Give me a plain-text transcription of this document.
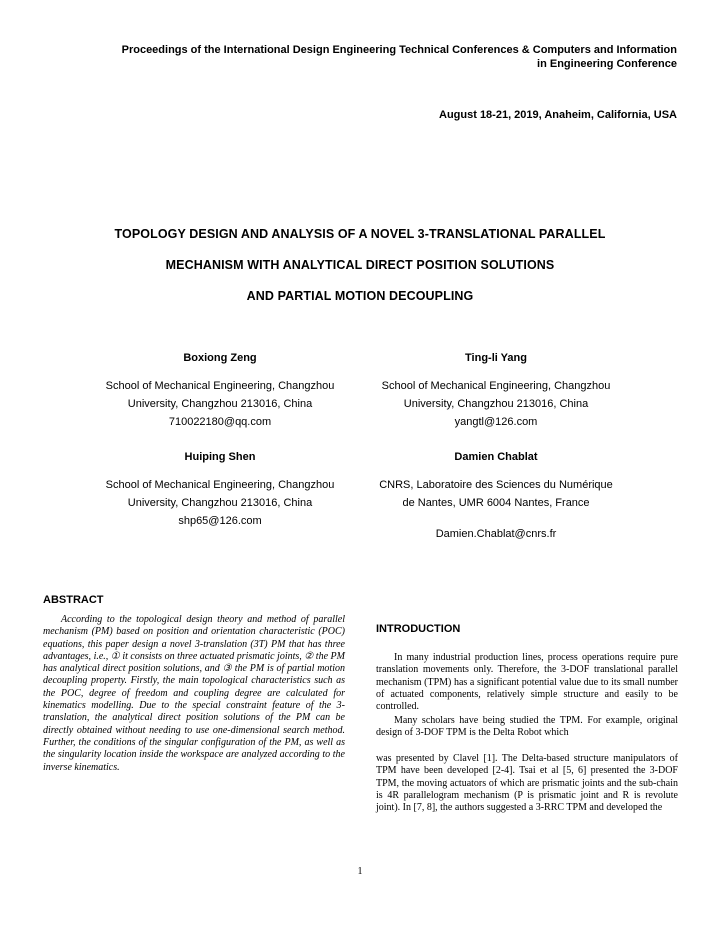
Proceedings of the International Design Engineering Technical Conferences & Computers and Information in Engineering Conference
August 18-21, 2019, Anaheim, California, USA
TOPOLOGY DESIGN AND ANALYSIS OF A NOVEL 3-TRANSLATIONAL PARALLEL
MECHANISM WITH ANALYTICAL DIRECT POSITION SOLUTIONS
AND PARTIAL MOTION DECOUPLING
Boxiong Zeng
School of Mechanical Engineering, Changzhou
University, Changzhou 213016, China
710022180@qq.com
Ting-li Yang
School of Mechanical Engineering, Changzhou
University, Changzhou 213016, China
yangtl@126.com
Huiping Shen
School of Mechanical Engineering, Changzhou
University, Changzhou 213016, China
shp65@126.com
Damien Chablat
CNRS, Laboratoire des Sciences du Numérique
de Nantes, UMR 6004 Nantes, France
Damien.Chablat@cnrs.fr
ABSTRACT
According to the topological design theory and method of parallel mechanism (PM) based on position and orientation characteristic (POC) equations, this paper design a novel 3-translation (3T) PM that has three advantages, i.e., ① it consists on three actuated prismatic joints, ② the PM has analytical direct position solutions, and ③ the PM is of partial motion decoupling property. Firstly, the main topological characteristics such as the POC, degree of freedom and coupling degree are calculated for kinematics modelling. Due to the special constraint feature of the 3-translation, the analytical direct position solutions of the PM can be directly obtained without needing to use one-dimensional search method. Further, the conditions of the singular configuration of the PM, as well as the singularity location inside the workspace are analyzed according to the inverse kinematics.
INTRODUCTION
In many industrial production lines, process operations require pure translation movements only. Therefore, the 3-DOF translational parallel mechanism (TPM) has a significant potential value due to its small number of actuated components, relatively simple structure and easily to be controlled.
Many scholars have being studied the TPM. For example, original design of 3-DOF TPM is the Delta Robot which
was presented by Clavel [1]. The Delta-based structure manipulators of TPM have been developed [2-4]. Tsai et al [5, 6] presented the 3-DOF TPM, the moving actuators of which are prismatic joints and the sub-chain is 4R parallelogram mechanism (P is prismatic joint and R is revolute joint). In [7, 8], the authors suggested a 3-RRC TPM and developed the
1
